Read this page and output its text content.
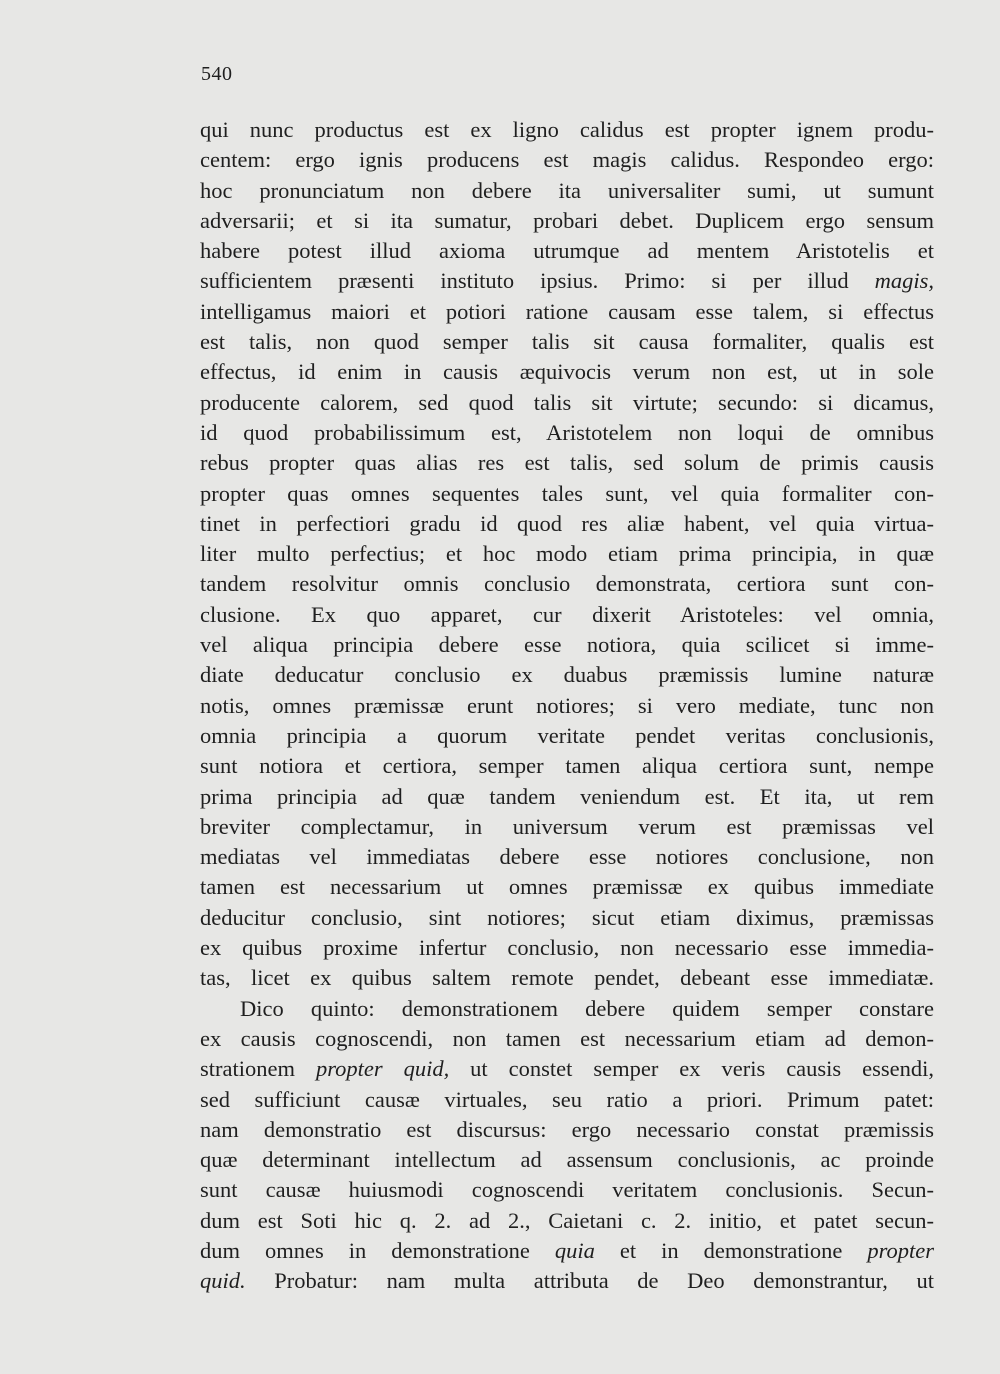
540
qui nunc productus est ex ligno calidus est propter ignem produ-
centem: ergo ignis producens est magis calidus. Respondeo ergo:
hoc pronunciatum non debere ita universaliter sumi, ut sumunt
adversarii; et si ita sumatur, probari debet. Duplicem ergo sensum
habere potest illud axioma utrumque ad mentem Aristotelis et
sufficientem præsenti instituto ipsius. Primo: si per illud magis,
intelligamus maiori et potiori ratione causam esse talem, si effectus
est talis, non quod semper talis sit causa formaliter, qualis est
effectus, id enim in causis æquivocis verum non est, ut in sole
producente calorem, sed quod talis sit virtute; secundo: si dicamus,
id quod probabilissimum est, Aristotelem non loqui de omnibus
rebus propter quas alias res est talis, sed solum de primis causis
propter quas omnes sequentes tales sunt, vel quia formaliter con-
tinet in perfectiori gradu id quod res aliæ habent, vel quia virtua-
liter multo perfectius; et hoc modo etiam prima principia, in quæ
tandem resolvitur omnis conclusio demonstrata, certiora sunt con-
clusione. Ex quo apparet, cur dixerit Aristoteles: vel omnia,
vel aliqua principia debere esse notiora, quia scilicet si imme-
diate deducatur conclusio ex duabus præmissis lumine naturæ
notis, omnes præmissæ erunt notiores; si vero mediate, tunc non
omnia principia a quorum veritate pendet veritas conclusionis,
sunt notiora et certiora, semper tamen aliqua certiora sunt, nempe
prima principia ad quæ tandem veniendum est. Et ita, ut rem
breviter complectamur, in universum verum est præmissas vel
mediatas vel immediatas debere esse notiores conclusione, non
tamen est necessarium ut omnes præmissæ ex quibus immediate
deducitur conclusio, sint notiores; sicut etiam diximus, præmissas
ex quibus proxime infertur conclusio, non necessario esse immedia-
tas, licet ex quibus saltem remote pendet, debeant esse immediatæ.
Dico quinto: demonstrationem debere quidem semper constare
ex causis cognoscendi, non tamen est necessarium etiam ad demon-
strationem propter quid, ut constet semper ex veris causis essendi,
sed sufficiunt causæ virtuales, seu ratio a priori. Primum patet:
nam demonstratio est discursus: ergo necessario constat præmissis
quæ determinant intellectum ad assensum conclusionis, ac proinde
sunt causæ huiusmodi cognoscendi veritatem conclusionis. Secun-
dum est Soti hic q. 2. ad 2., Caietani c. 2. initio, et patet secun-
dum omnes in demonstratione quia et in demonstratione propter
quid. Probatur: nam multa attributa de Deo demonstrantur, ut
